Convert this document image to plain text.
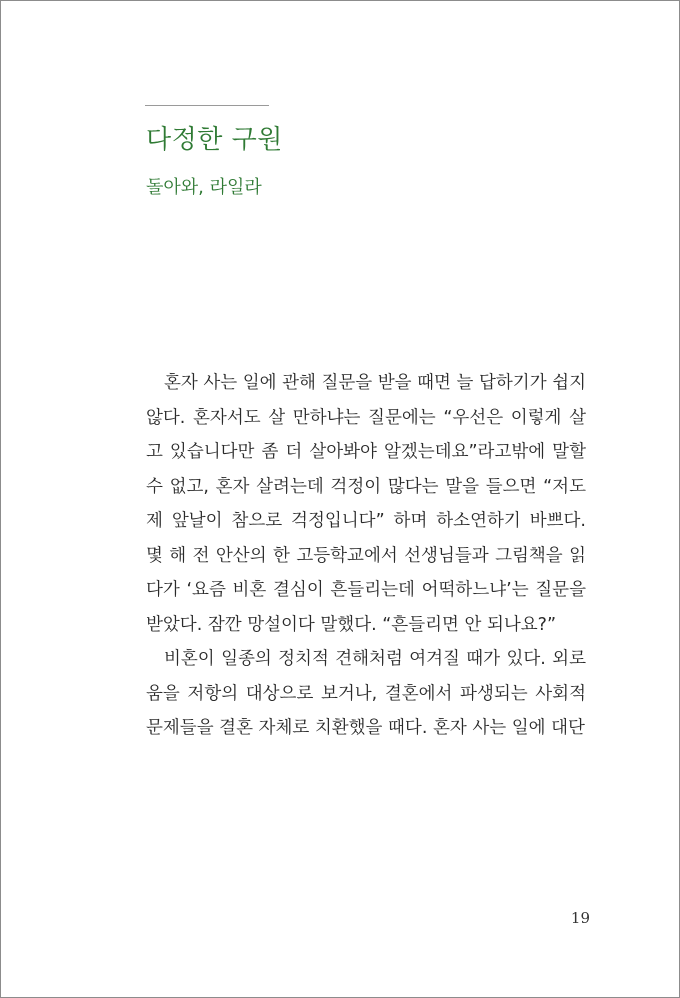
다정한 구원
돌아와, 라일라

혼자 사는 일에 관해 질문을 받을 때면 늘 답하기가 쉽지 않다. 혼자서도 살 만하냐는 질문에는 “우선은 이렇게 살고 있습니다만 좀 더 살아봐야 알겠는데요”라고밖에 말할 수 없고, 혼자 살려는데 걱정이 많다는 말을 들으면 “저도 제 앞날이 참으로 걱정입니다” 하며 하소연하기 바쁘다. 몇 해 전 안산의 한 고등학교에서 선생님들과 그림책을 읽다가 ‘요즘 비혼 결심이 흔들리는데 어떡하느냐’는 질문을 받았다. 잠깐 망설이다 말했다. “흔들리면 안 되나요?”

비혼이 일종의 정치적 견해처럼 여겨질 때가 있다. 외로움을 저항의 대상으로 보거나, 결혼에서 파생되는 사회적 문제들을 결혼 자체로 치환했을 때다. 혼자 사는 일에 대단

19
